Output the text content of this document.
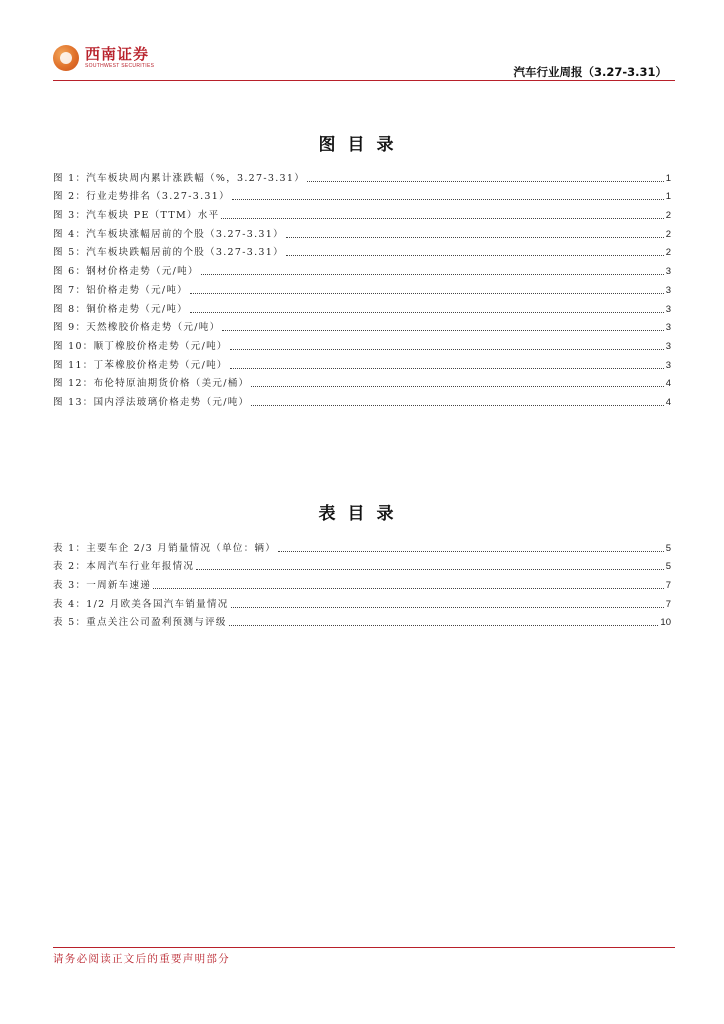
西南证券
SOUTHWEST SECURITIES	汽车行业周报（3.27-3.31）
图目录
图 1：汽车板块周内累计涨跌幅（%，3.27-3.31）	1
图 2：行业走势排名（3.27-3.31）	1
图 3：汽车板块 PE（TTM）水平	2
图 4：汽车板块涨幅居前的个股（3.27-3.31）	2
图 5：汽车板块跌幅居前的个股（3.27-3.31）	2
图 6：钢材价格走势（元/吨）	3
图 7：铝价格走势（元/吨）	3
图 8：铜价格走势（元/吨）	3
图 9：天然橡胶价格走势（元/吨）	3
图 10：顺丁橡胶价格走势（元/吨）	3
图 11：丁苯橡胶价格走势（元/吨）	3
图 12：布伦特原油期货价格（美元/桶）	4
图 13：国内浮法玻璃价格走势（元/吨）	4
表目录
表 1：主要车企 2/3 月销量情况（单位：辆）	5
表 2：本周汽车行业年报情况	5
表 3：一周新车速递	7
表 4：1/2 月欧美各国汽车销量情况	7
表 5：重点关注公司盈利预测与评级	10
请务必阅读正文后的重要声明部分
